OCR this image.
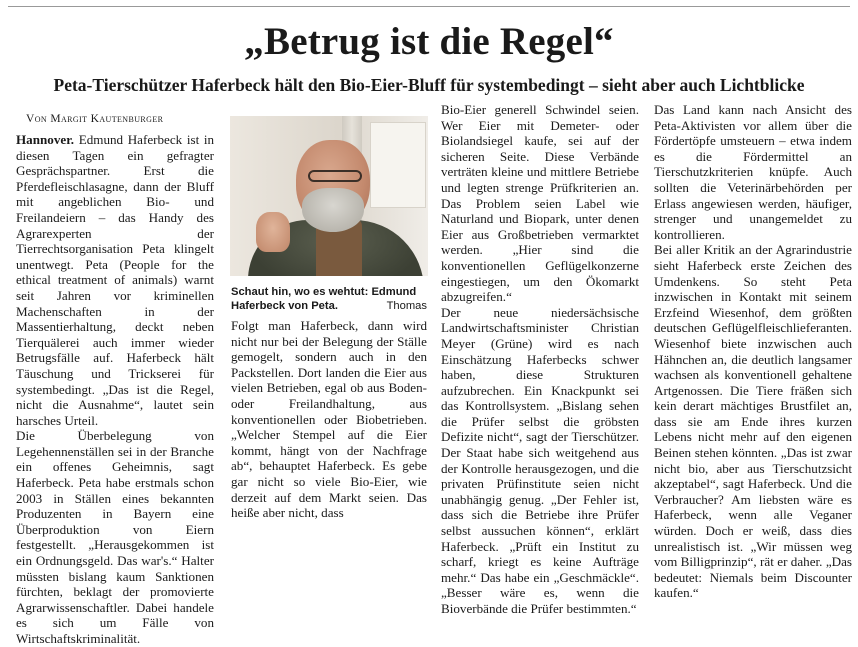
„Betrug ist die Regel“
Peta-Tierschützer Haferbeck hält den Bio-Eier-Bluff für systembedingt – sieht aber auch Lichtblicke
Von Margit Kautenburger

Hannover. Edmund Haferbeck ist in diesen Tagen ein gefragter Gesprächspartner. Erst die Pferdefleischlasagne, dann der Bluff mit angeblichen Bio- und Freilandeiern – das Handy des Agrarexperten der Tierrechtsorganisation Peta klingelt unentwegt. Peta (People for the ethical treatment of animals) warnt seit Jahren vor kriminellen Machenschaften in der Massentierhaltung, deckt neben Tierquälerei auch immer wieder Betrugsfälle auf. Haferbeck hält Täuschung und Trickserei für systembedingt. „Das ist die Regel, nicht die Ausnahme“, lautet sein harsches Urteil.

Die Überbelegung von Legehennenställen sei in der Branche ein offenes Geheimnis, sagt Haferbeck. Peta habe erstmals schon 2003 in Ställen eines bekannten Produzenten in Bayern eine Überproduktion von Eiern festgestellt. „Herausgekommen ist ein Ordnungsgeld. Das war's.“ Halter müssten bislang kaum Sanktionen fürchten, beklagt der promovierte Agrarwissenschaftler. Dabei handele es sich um Fälle von Wirtschaftskriminalität.

Schaut hin, wo es wehtut: Edmund Haferbeck von Peta.	Thomas

Folgt man Haferbeck, dann wird nicht nur bei der Belegung der Ställe gemogelt, sondern auch in den Packstellen. Dort landen die Eier aus vielen Betrieben, egal ob aus Boden- oder Freilandhaltung, aus konventionellen oder Biobetrieben. „Welcher Stempel auf die Eier kommt, hängt von der Nachfrage ab“, behauptet Haferbeck. Es gebe gar nicht so viele Bio-Eier, wie derzeit auf dem Markt seien. Das heiße aber nicht, dass

Bio-Eier generell Schwindel seien. Wer Eier mit Demeter- oder Biolandsiegel kaufe, sei auf der sicheren Seite. Diese Verbände verträten kleine und mittlere Betriebe und legten strenge Prüfkriterien an. Das Problem seien Label wie Naturland und Biopark, unter denen Eier aus Großbetrieben vermarktet werden. „Hier sind die konventionellen Geflügelkonzerne eingestiegen, um den Ökomarkt abzugreifen.“

Der neue niedersächsische Landwirtschaftsminister Christian Meyer (Grüne) wird es nach Einschätzung Haferbecks schwer haben, diese Strukturen aufzubrechen. Ein Knackpunkt sei das Kontrollsystem. „Bislang sehen die Prüfer selbst die gröbsten Defizite nicht“, sagt der Tierschützer. Der Staat habe sich weitgehend aus der Kontrolle herausgezogen, und die privaten Prüfinstitute seien nicht unabhängig genug. „Der Fehler ist, dass sich die Betriebe ihre Prüfer selbst aussuchen können“, erklärt Haferbeck. „Prüft ein Institut zu scharf, kriegt es keine Aufträge mehr.“ Das habe ein „Geschmäckle“. „Besser wäre es, wenn die Bioverbände die Prüfer bestimmten.“

Das Land kann nach Ansicht des Peta-Aktivisten vor allem über die Fördertöpfe umsteuern – etwa indem es die Fördermittel an Tierschutzkriterien knüpfe. Auch sollten die Veterinärbehörden per Erlass angewiesen werden, häufiger, strenger und unangemeldet zu kontrollieren.

Bei aller Kritik an der Agrarindustrie sieht Haferbeck erste Zeichen des Umdenkens. So steht Peta inzwischen in Kontakt mit seinem Erzfeind Wiesenhof, dem größten deutschen Geflügelfleischlieferanten. Wiesenhof biete inzwischen auch Hähnchen an, die deutlich langsamer wachsen als konventionell gehaltene Artgenossen. Die Tiere fräßen sich kein derart mächtiges Brustfilet an, dass sie am Ende ihres kurzen Lebens nicht mehr auf den eigenen Beinen stehen könnten. „Das ist zwar nicht bio, aber aus Tierschutzsicht akzeptabel“, sagt Haferbeck. Und die Verbraucher? Am liebsten wäre es Haferbeck, wenn alle Veganer würden. Doch er weiß, dass dies unrealistisch ist. „Wir müssen weg vom Billigprinzip“, rät er daher. „Das bedeutet: Niemals beim Discounter kaufen.“
